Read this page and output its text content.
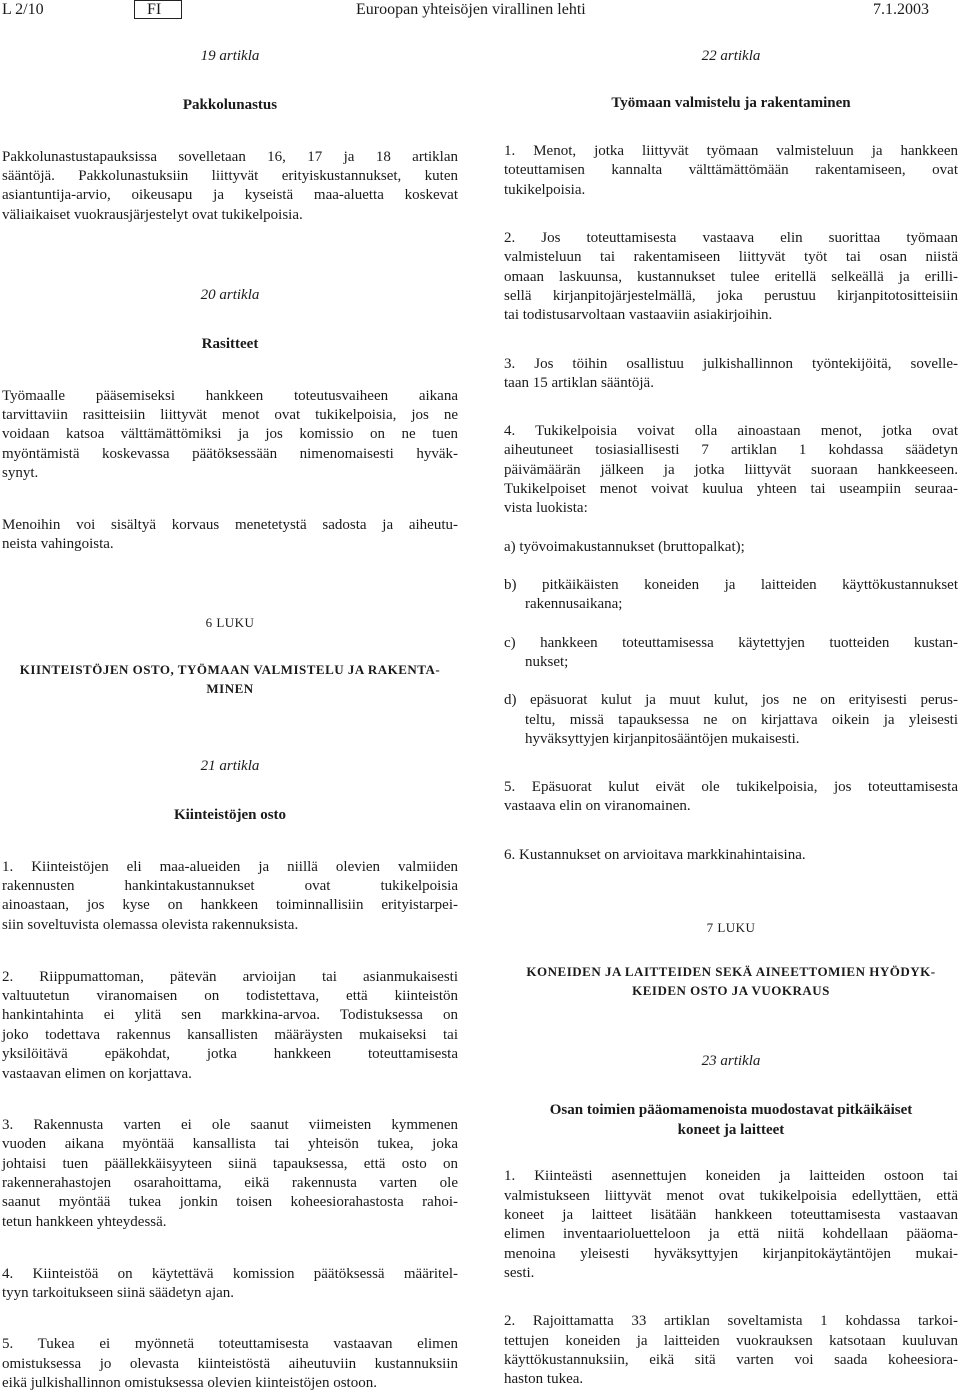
L 2/10	FI	Euroopan yhteisöjen virallinen lehti	7.1.2003
19 artikla
Pakkolunastus
Pakkolunastustapauksissa sovelletaan 16, 17 ja 18 artiklan
sääntöjä. Pakkolunastuksiin liittyvät erityiskustannukset, kuten
asiantuntija-arvio, oikeusapu ja kyseistä maa-aluetta koskevat
väliaikaiset vuokrausjärjestelyt ovat tukikelpoisia.
20 artikla
Rasitteet
Työmaalle pääsemiseksi hankkeen toteutusvaiheen aikana
tarvittaviin rasitteisiin liittyvät menot ovat tukikelpoisia, jos ne
voidaan katsoa välttämättömiksi ja jos komissio on ne tuen
myöntämistä koskevassa päätöksessään nimenomaisesti hyväk-
synyt.
Menoihin voi sisältyä korvaus menetetystä sadosta ja aiheutu-
neista vahingoista.
6 LUKU
KIINTEISTÖJEN OSTO, TYÖMAAN VALMISTELU JA RAKENTA-
MINEN
21 artikla
Kiinteistöjen osto
1. Kiinteistöjen eli maa-alueiden ja niillä olevien valmiiden
rakennusten hankintakustannukset ovat tukikelpoisia
ainoastaan, jos kyse on hankkeen toiminnallisiin erityistarpei-
siin soveltuvista olemassa olevista rakennuksista.
2. Riippumattoman, pätevän arvioijan tai asianmukaisesti
valtuutetun viranomaisen on todistettava, että kiinteistön
hankintahinta ei ylitä sen markkina-arvoa. Todistuksessa on
joko todettava rakennus kansallisten määräysten mukaiseksi tai
yksilöitävä epäkohdat, jotka hankkeen toteuttamisesta
vastaavan elimen on korjattava.
3. Rakennusta varten ei ole saanut viimeisten kymmenen
vuoden aikana myöntää kansallista tai yhteisön tukea, joka
johtaisi tuen päällekkäisyyteen siinä tapauksessa, että osto on
rakennerahastojen osarahoittama, eikä rakennusta varten ole
saanut myöntää tukea jonkin toisen koheesiorahastosta rahoi-
tetun hankkeen yhteydessä.
4. Kiinteistöä on käytettävä komission päätöksessä määritel-
tyyn tarkoitukseen siinä säädetyn ajan.
5. Tukea ei myönnetä toteuttamisesta vastaavan elimen
omistuksessa jo olevasta kiinteistöstä aiheutuviin kustannuksiin
eikä julkishallinnon omistuksessa olevien kiinteistöjen ostoon.
22 artikla
Työmaan valmistelu ja rakentaminen
1. Menot, jotka liittyvät työmaan valmisteluun ja hankkeen
toteuttamisen kannalta välttämättömään rakentamiseen, ovat
tukikelpoisia.
2. Jos toteuttamisesta vastaava elin suorittaa työmaan
valmisteluun tai rakentamiseen liittyvät työt tai osan niistä
omaan laskuunsa, kustannukset tulee eritellä selkeällä ja erilli-
sellä kirjanpitojärjestelmällä, joka perustuu kirjanpitotositteisiin
tai todistusarvoltaan vastaaviin asiakirjoihin.
3. Jos töihin osallistuu julkishallinnon työntekijöitä, sovelle-
taan 15 artiklan sääntöjä.
4. Tukikelpoisia voivat olla ainoastaan menot, jotka ovat
aiheutuneet tosiasiallisesti 7 artiklan 1 kohdassa säädetyn
päivämäärän jälkeen ja jotka liittyvät suoraan hankkeeseen.
Tukikelpoiset menot voivat kuulua yhteen tai useampiin seuraa-
vista luokista:
a) työvoimakustannukset (bruttopalkat);
b) pitkäikäisten koneiden ja laitteiden käyttökustannukset
rakennusaikana;
c) hankkeen toteuttamisessa käytettyjen tuotteiden kustan-
nukset;
d) epäsuorat kulut ja muut kulut, jos ne on erityisesti perus-
teltu, missä tapauksessa ne on kirjattava oikein ja yleisesti
hyväksyttyjen kirjanpitosääntöjen mukaisesti.
5. Epäsuorat kulut eivät ole tukikelpoisia, jos toteuttamisesta
vastaava elin on viranomainen.
6. Kustannukset on arvioitava markkinahintaisina.
7 LUKU
KONEIDEN JA LAITTEIDEN SEKÄ AINEETTOMIEN HYÖDYK-
KEIDEN OSTO JA VUOKRAUS
23 artikla
Osan toimien pääomamenoista muodostavat pitkäikäiset
koneet ja laitteet
1. Kiinteästi asennettujen koneiden ja laitteiden ostoon tai
valmistukseen liittyvät menot ovat tukikelpoisia edellyttäen, että
koneet ja laitteet lisätään hankkeen toteuttamisesta vastaavan
elimen inventaarioluetteloon ja että niitä kohdellaan pääoma-
menoina yleisesti hyväksyttyjen kirjanpitokäytäntöjen mukai-
sesti.
2. Rajoittamatta 33 artiklan soveltamista 1 kohdassa tarkoi-
tettujen koneiden ja laitteiden vuokrauksen katsotaan kuuluvan
käyttökustannuksiin, eikä sitä varten voi saada koheesiora-
haston tukea.
